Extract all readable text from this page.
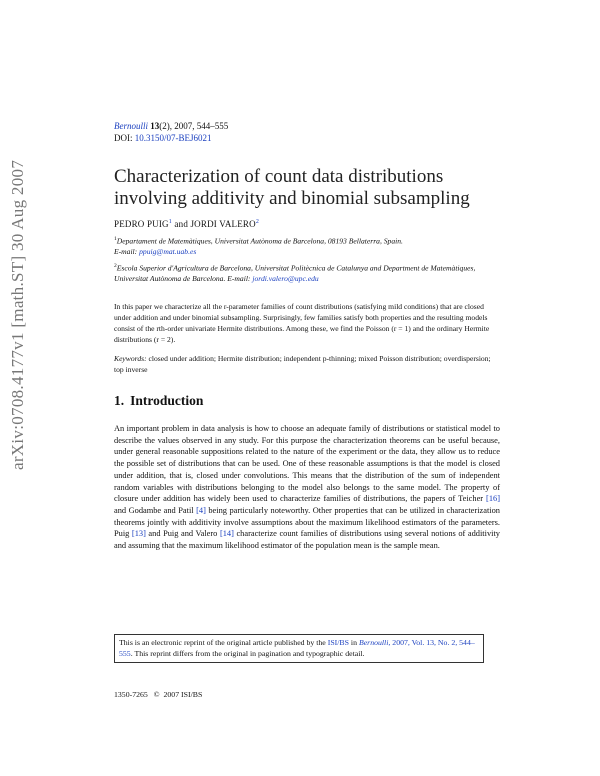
arXiv:0708.4177v1 [math.ST] 30 Aug 2007
Bernoulli 13(2), 2007, 544–555
DOI: 10.3150/07-BEJ6021
Characterization of count data distributions involving additivity and binomial subsampling
PEDRO PUIG$^1$ and JORDI VALERO$^2$
$^1$Departament de Matemàtiques, Universitat Autònoma de Barcelona, 08193 Bellaterra, Spain.
E-mail: ppuig@mat.uab.es
$^2$Escola Superior d'Agricultura de Barcelona, Universitat Politècnica de Catalunya and Department de Matemàtiques, Universitat Autònoma de Barcelona. E-mail: jordi.valero@upc.edu
In this paper we characterize all the r-parameter families of count distributions (satisfying mild conditions) that are closed under addition and under binomial subsampling. Surprisingly, few families satisfy both properties and the resulting models consist of the rth-order univariate Hermite distributions. Among these, we find the Poisson (r = 1) and the ordinary Hermite distributions (r = 2).
Keywords: closed under addition; Hermite distribution; independent p-thinning; mixed Poisson distribution; overdispersion; top inverse
1. Introduction
An important problem in data analysis is how to choose an adequate family of distributions or statistical model to describe the values observed in any study. For this purpose the characterization theorems can be useful because, under general reasonable suppositions related to the nature of the experiment or the data, they allow us to reduce the possible set of distributions that can be used. One of these reasonable assumptions is that the model is closed under addition, that is, closed under convolutions. This means that the distribution of the sum of independent random variables with distributions belonging to the model also belongs to the same model. The property of closure under addition has widely been used to characterize families of distributions, the papers of Teicher [16] and Godambe and Patil [4] being particularly noteworthy. Other properties that can be utilized in characterization theorems jointly with additivity involve assumptions about the maximum likelihood estimators of the parameters. Puig [13] and Puig and Valero [14] characterize count families of distributions using several notions of additivity and assuming that the maximum likelihood estimator of the population mean is the sample mean.
This is an electronic reprint of the original article published by the ISI/BS in Bernoulli, 2007, Vol. 13, No. 2, 544–555. This reprint differs from the original in pagination and typographic detail.
1350-7265 © 2007 ISI/BS
